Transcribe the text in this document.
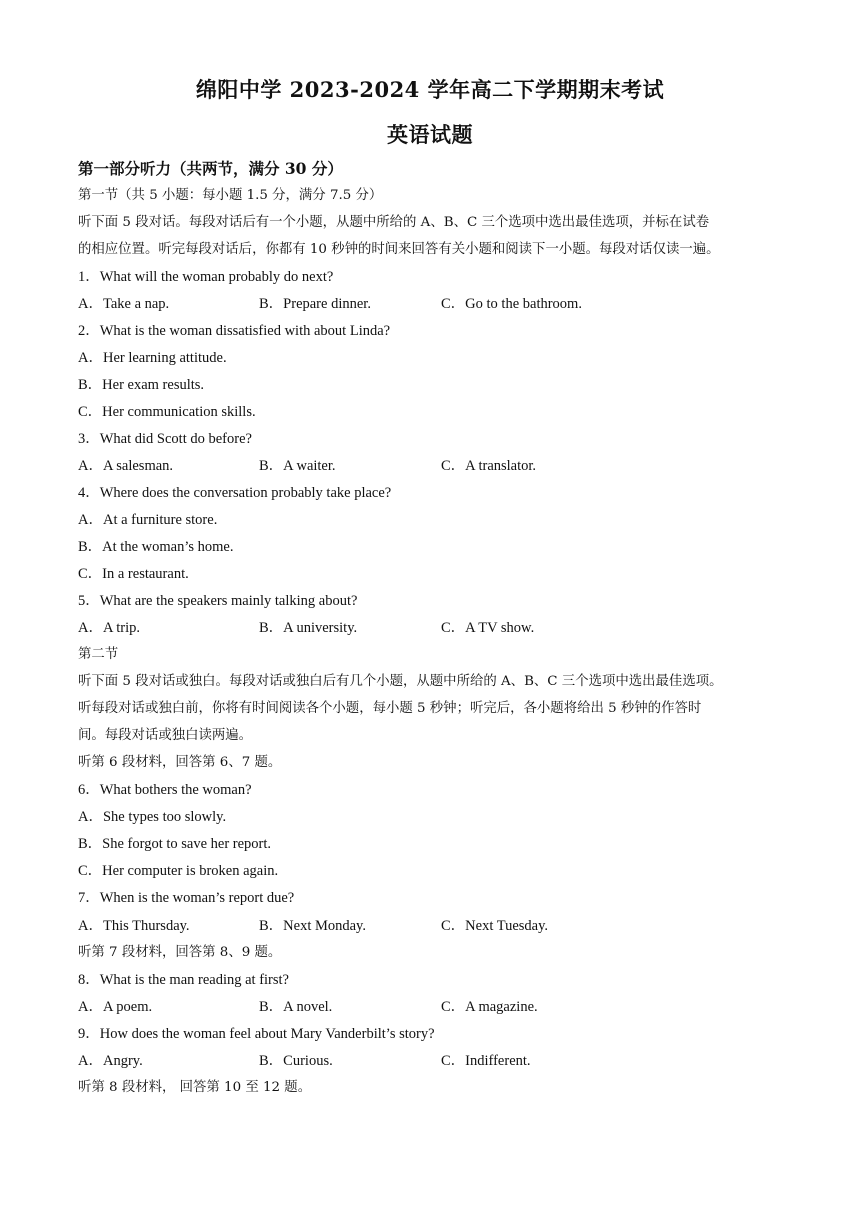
绵阳中学 2023-2024 学年高二下学期期末考试
英语试题
第一部分听力（共两节，满分 30 分）
第一节（共 5 小题：每小题 1.5 分，满分 7.5 分）
听下面 5 段对话。每段对话后有一个小题，从题中所给的 A、B、C 三个选项中选出最佳选项，并标在试卷
的相应位置。听完每段对话后，你都有 10 秒钟的时间来回答有关小题和阅读下一小题。每段对话仅读一遍。
1．What will the woman probably do next?
A．Take a nap.	B．Prepare dinner.	C．Go to the bathroom.
2．What is the woman dissatisfied with about Linda?
A．Her learning attitude.
B．Her exam results.
C．Her communication skills.
3．What did Scott do before?
A．A salesman.	B．A waiter.	C．A translator.
4．Where does the conversation probably take place?
A．At a furniture store.
B．At the woman’s home.
C．In a restaurant.
5．What are the speakers mainly talking about?
A．A trip.	B．A university.	C．A TV show.
第二节
听下面 5 段对话或独白。每段对话或独白后有几个小题，从题中所给的 A、B、C 三个选项中选出最佳选项。
听每段对话或独白前，你将有时间阅读各个小题，每小题 5 秒钟；听完后，各小题将给出 5 秒钟的作答时
间。每段对话或独白读两遍。
听第 6 段材料，回答第 6、7 题。
6．What bothers the woman?
A．She types too slowly.
B．She forgot to save her report.
C．Her computer is broken again.
7．When is the woman’s report due?
A．This Thursday.	B．Next Monday.	C．Next Tuesday.
听第 7 段材料，回答第 8、9 题。
8．What is the man reading at first?
A．A poem.	B．A novel.	C．A magazine.
9．How does the woman feel about Mary Vanderbilt’s story?
A．Angry.	B．Curious.	C．Indifferent.
听第 8 段材料， 回答第 10 至 12 题。
